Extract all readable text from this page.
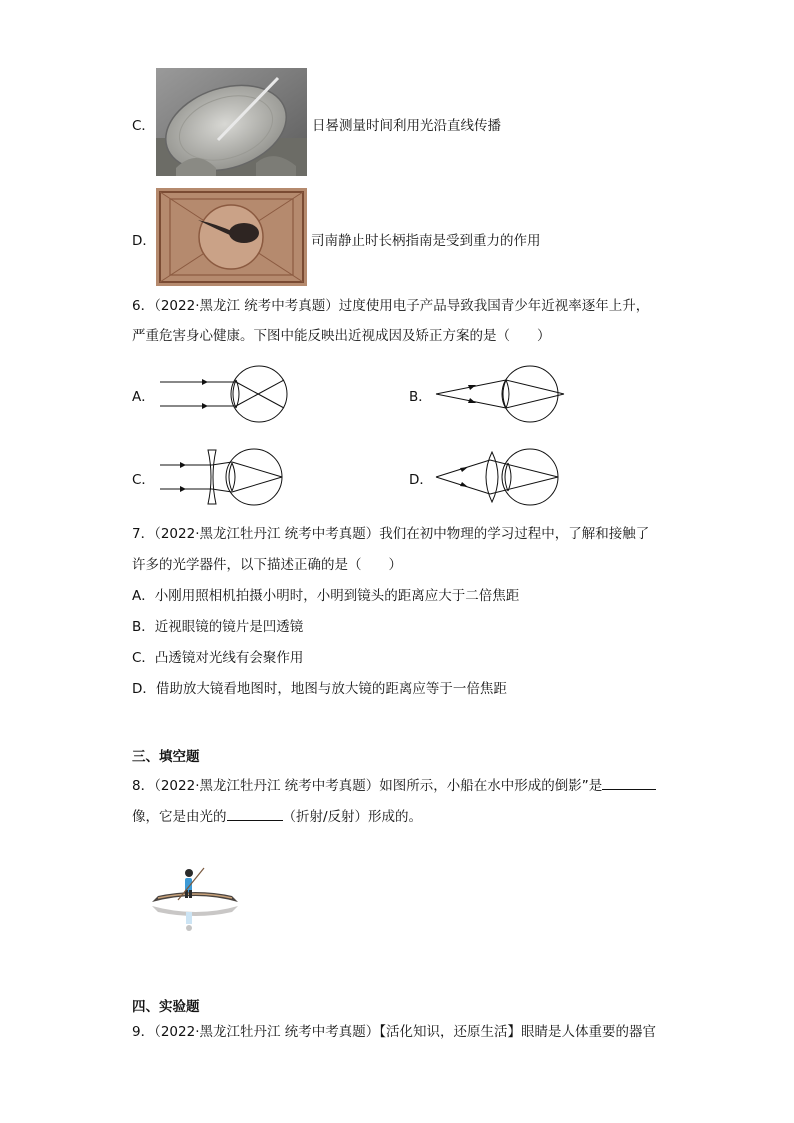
C．	日晷测量时间利用光沿直线传播
D．	司南静止时长柄指南是受到重力的作用
6．（2022·黑龙江 统考中考真题）过度使用电子产品导致我国青少年近视率逐年上升，
严重危害身心健康。下图中能反映出近视成因及矫正方案的是（　　）
A．	B．
C．	D．
7．（2022·黑龙江牡丹江 统考中考真题）我们在初中物理的学习过程中，了解和接触了
许多的光学器件，以下描述正确的是（　　）
A．小刚用照相机拍摄小明时，小明到镜头的距离应大于二倍焦距
B．近视眼镜的镜片是凹透镜
C．凸透镜对光线有会聚作用
D．借助放大镜看地图时，地图与放大镜的距离应等于一倍焦距
三、填空题
8．（2022·黑龙江牡丹江 统考中考真题）如图所示，小船在水中形成的倒影”是
像，它是由光的	（折射/反射）形成的。
四、实验题
9．（2022·黑龙江牡丹江 统考中考真题）【活化知识，还原生活】眼睛是人体重要的器官
